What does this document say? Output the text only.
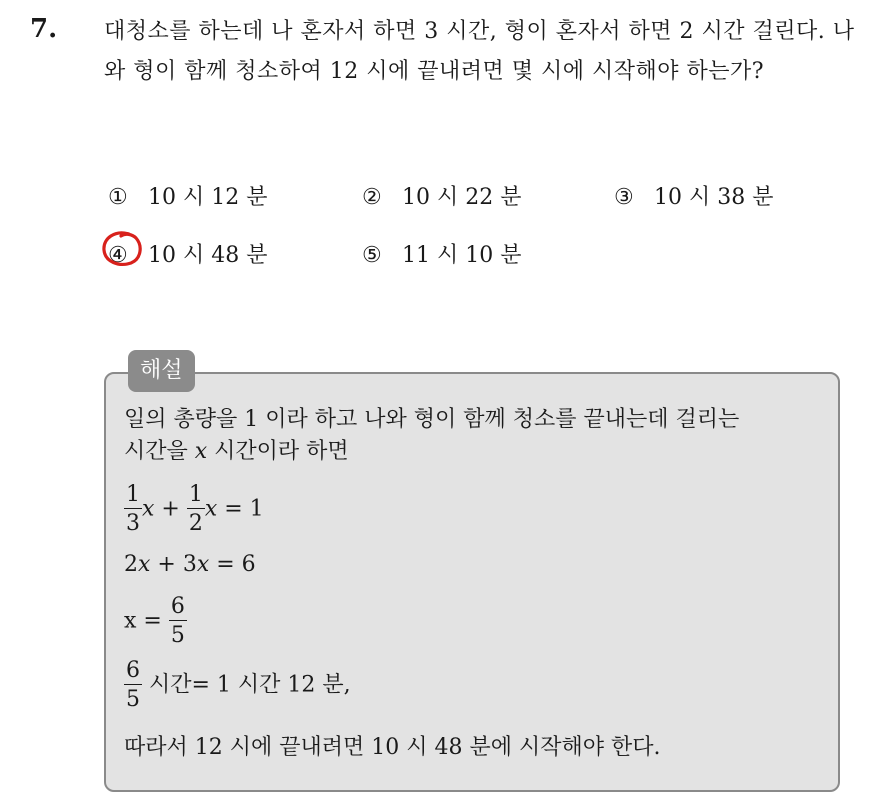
7. 대청소를 하는데 나 혼자서 하면 3 시간, 형이 혼자서 하면 2 시간 걸린다. 나와 형이 함께 청소하여 12 시에 끝내려면 몇 시에 시작해야 하는가?
① 10 시 12 분	② 10 시 22 분	③ 10 시 38 분
④ 10 시 48 분	⑤ 11 시 10 분
해설
일의 총량을 1 이라 하고 나와 형이 함께 청소를 끝내는데 걸리는
시간을 x 시간이라 하면
$\frac{1}{3}$ $x + \frac{1}{2}$ x = 1
2x + 3x = 6
$x = \frac{6}{5}$
$\frac{6}{5}$ 시간= 1 시간 12 분,
따라서 12 시에 끝내려면 10 시 48 분에 시작해야 한다.
